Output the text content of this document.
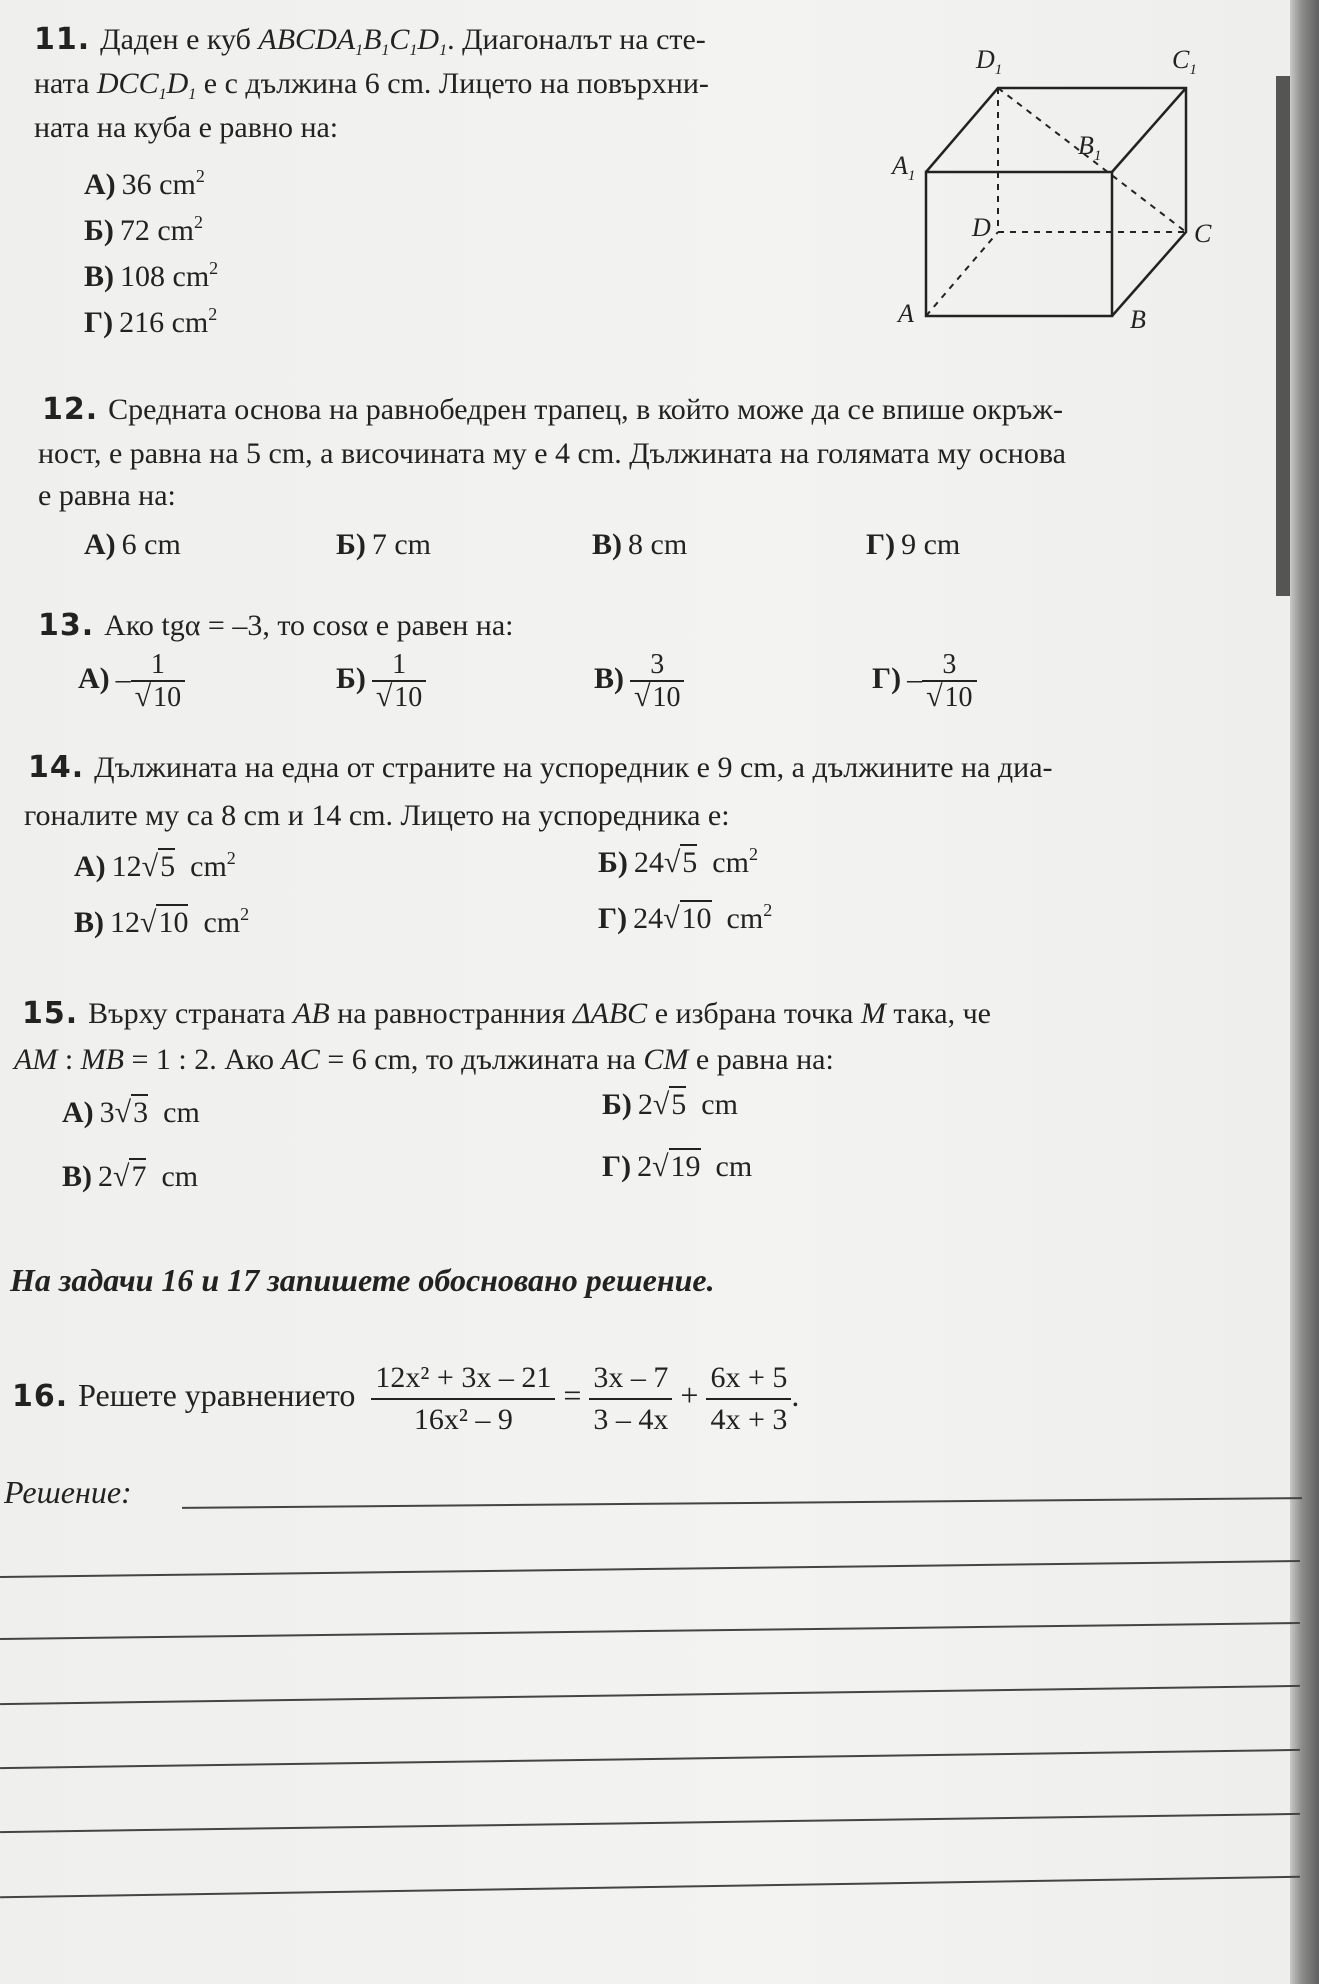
11. Даден е куб $ABCDA_1B_1C_1D_1$. Диагоналът на сте-
ната $DCC_1D_1$ е с дължина 6 cm. Лицето на повърхни-
ната на куба е равно на:
А) 36 $cm^2$
Б) 72 $cm^2$
В) 108 $cm^2$
Г) 216 $cm^2$
$D_1$	$C_1$
$A_1$
$B_1$
D	C
A	B
12. Средната основа на равнобедрен трапец, в който може да се впише окръж-
ност, е равна на 5 cm, а височината му е 4 cm. Дължината на голямата му основа
е равна на:
А) 6 cm	Б) 7 cm	В) 8 cm	Г) 9 cm
13. Ако tgα = –3, то cosα е равен на:
$А) - \frac{1}{√10}$	$Б) \frac{1}{√10}$	$В) \frac{3}{√10}$	$Г) - \frac{3}{√10}$
14. Дължината на една от страните на успоредник е 9 cm, а дължините на диа-
гоналите му са 8 cm и 14 cm. Лицето на успоредника е:
А) 12√5 $cm^2$	Б) 24√5 $cm^2$
В) 12√10 $cm^2$	Г) 24√10 $cm^2$
15. Върху страната AB на равностранния ΔABC е избрана точка M така, че
AM : MB = 1 : 2. Ако AC = 6 cm, то дължината на CM е равна на:
А) 3√3 cm	Б) 2√5 cm
В) 2√7 cm	Г) 2√19 cm
На задачи 16 и 17 запишете обосновано решение.
16. Решете уравнението $\frac{\text{12x² + 3x – 21}}{\text{16x² – 9}} = \frac{3x - 7}{3 - 4x} + \frac{6x + 5}{4x + 3}$ .
Решение:
